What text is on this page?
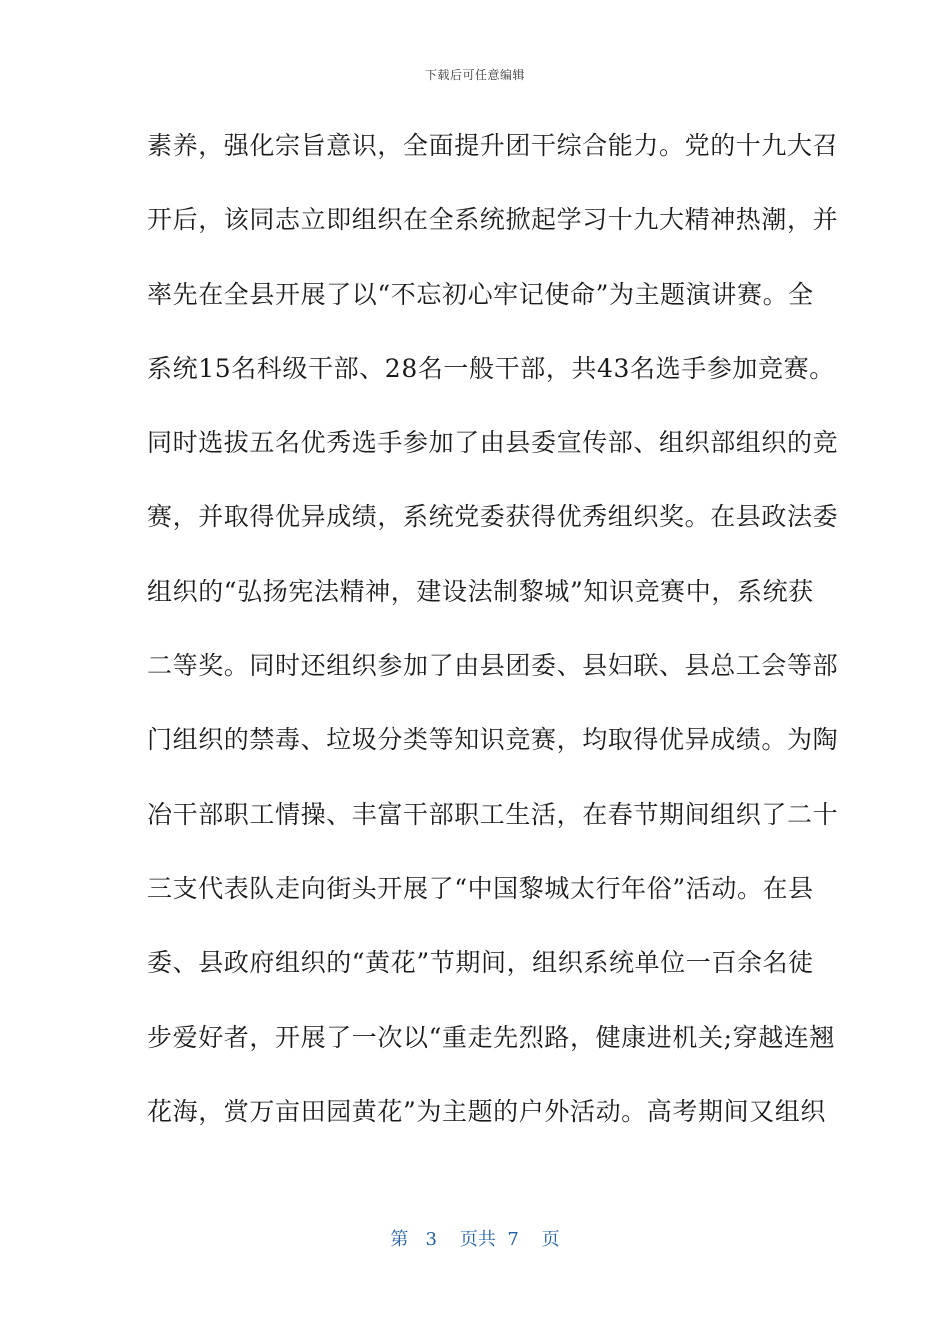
下载后可任意编辑
素养，强化宗旨意识，全面提升团干综合能力。党的十九大召
开后，该同志立即组织在全系统掀起学习十九大精神热潮，并
率先在全县开展了以“不忘初心牢记使命”为主题演讲赛。全
系统15名科级干部、28名一般干部，共43名选手参加竞赛。
同时选拔五名优秀选手参加了由县委宣传部、组织部组织的竞
赛，并取得优异成绩，系统党委获得优秀组织奖。在县政法委
组织的“弘扬宪法精神，建设法制黎城”知识竞赛中，系统获
二等奖。同时还组织参加了由县团委、县妇联、县总工会等部
门组织的禁毒、垃圾分类等知识竞赛，均取得优异成绩。为陶
冶干部职工情操、丰富干部职工生活，在春节期间组织了二十
三支代表队走向街头开展了“中国黎城太行年俗”活动。在县
委、县政府组织的“黄花”节期间，组织系统单位一百余名徒
步爱好者，开展了一次以“重走先烈路，健康进机关;穿越连翘
花海，赏万亩田园黄花”为主题的户外活动。高考期间又组织
第 3 页共 7 页
